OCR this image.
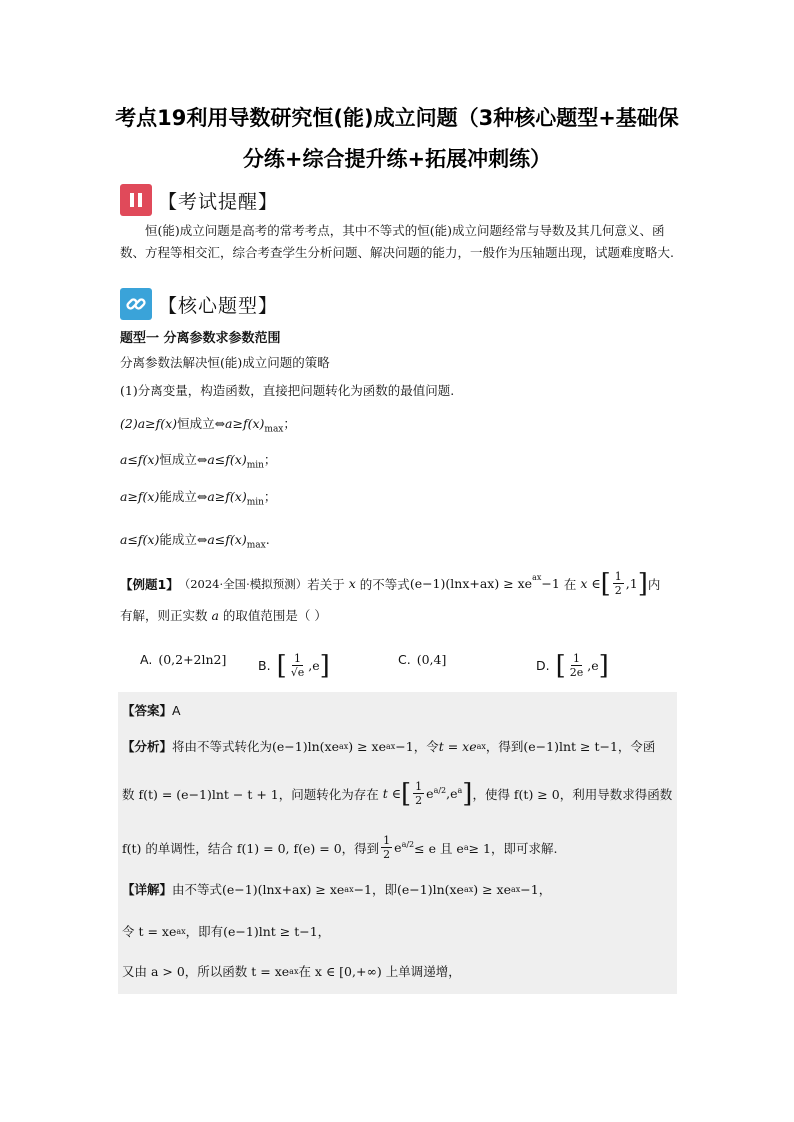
考点19利用导数研究恒(能)成立问题（3种核心题型+基础保分练+综合提升练+拓展冲刺练）
【考试提醒】
恒(能)成立问题是高考的常考考点，其中不等式的恒(能)成立问题经常与导数及其几何意义、函数、方程等相交汇，综合考查学生分析问题、解决问题的能力，一般作为压轴题出现，试题难度略大.
【核心题型】
题型一 分离参数求参数范围
分离参数法解决恒(能)成立问题的策略
(1)分离变量，构造函数，直接把问题转化为函数的最值问题.
(2)a≥f(x)恒成立$\Leftrightarrow a\ge f(x)_{max}$；
a≤f(x)恒成立$\Leftrightarrow a\le f(x)_{min}$；
a≥f(x)能成立$\Leftrightarrow a\ge f(x)_{min}$；
a≤f(x)能成立$\Leftrightarrow a\le f(x)_{max}$.
【例题1】 （2024·全国·模拟预测） 若关于 x 的不等式 $(e-1)(\ln x+ax) \ge xe^{ax} -1$ 在 x ∈ [ $\frac{1}{2} ,1$ ] 内
有解，则正实数 a 的取值范围是（ ）
A. (0,2+2ln2]	B. [ $\frac{1}{√e} ,e$ ]	C. (0,4]	D. [ $\frac{1}{2e} ,e$ ]
【答案】 A
【分析】 将由不等式转化为(e−1)ln(xe ax ) ≥ xe ax −1，令 t = xe ax ，得到(e−1)lnt ≥ t−1，令函
数 f(t) = (e−1)lnt − t + 1，问题转化为存在 t ∈ [ $\frac{1}{2} e^{a/2},e^a$ ] ，使得 f(t) ≥ 0，利用导数求得函数
f(t) 的单调性，结合 f(1) = 0, f(e) = 0，得到 $\frac{1}{2} e^{a/2} \le e$ 且 e a ≥ 1，即可求解.
【详解】 由不等式(e−1)(lnx+ax) ≥ xe ax −1，即(e−1)ln(xe ax ) ≥ xe ax −1，
令 t = xe ax ，即有(e−1)lnt ≥ t−1，
又由 a > 0，所以函数 t = xe ax 在 x ∈ [0,+∞) 上单调递增，
